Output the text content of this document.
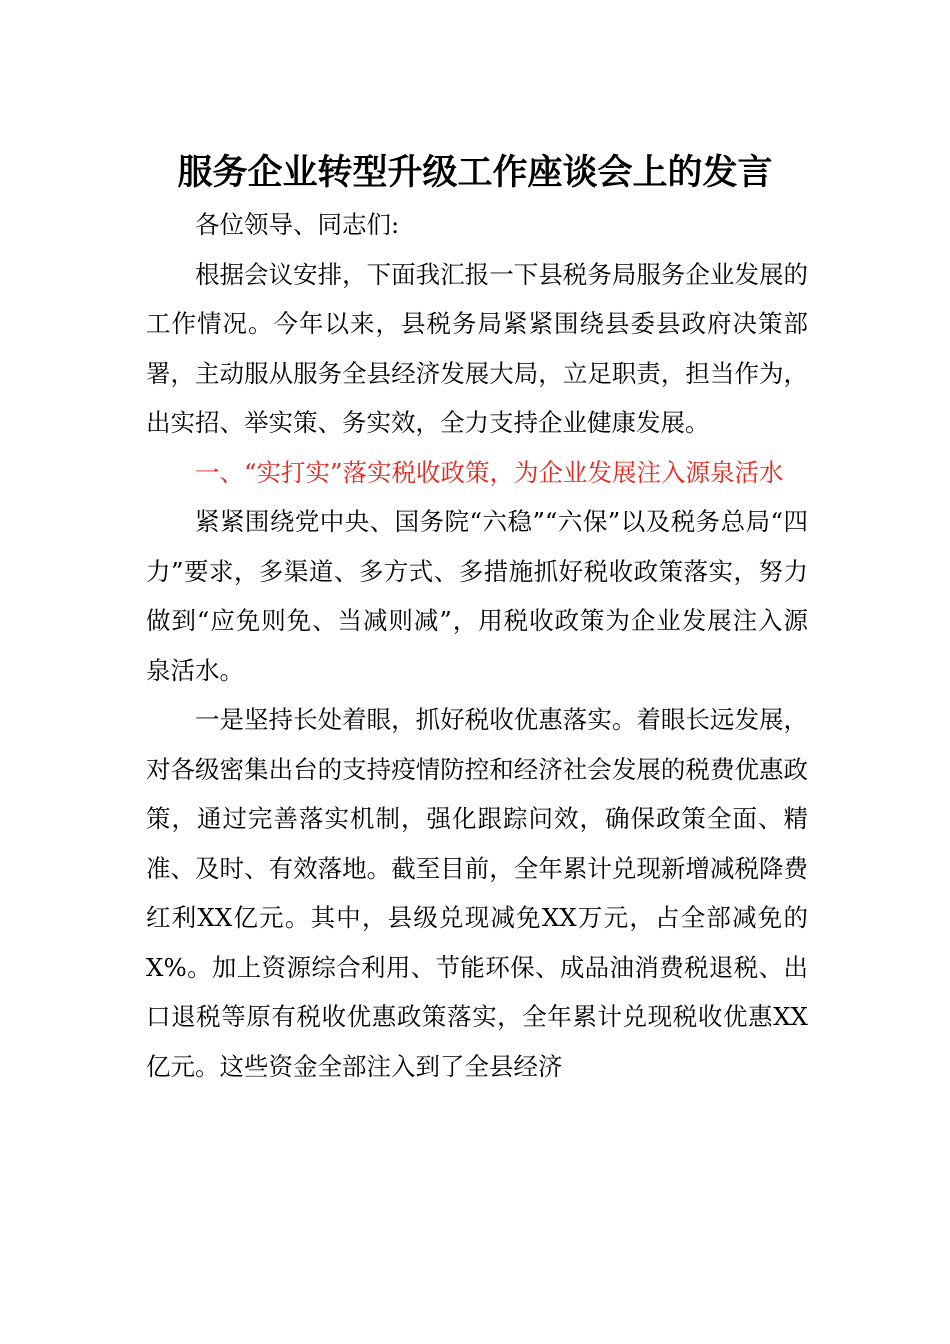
服务企业转型升级工作座谈会上的发言

各位领导、同志们:

根据会议安排，下面我汇报一下县税务局服务企业发展的工作情况。今年以来，县税务局紧紧围绕县委县政府决策部署，主动服从服务全县经济发展大局，立足职责，担当作为，出实招、举实策、务实效，全力支持企业健康发展。

一、“实打实”落实税收政策，为企业发展注入源泉活水

紧紧围绕党中央、国务院“六稳”“六保”以及税务总局“四力”要求，多渠道、多方式、多措施抓好税收政策落实，努力做到“应免则免、当减则减”，用税收政策为企业发展注入源泉活水。

一是坚持长处着眼，抓好税收优惠落实。着眼长远发展，对各级密集出台的支持疫情防控和经济社会发展的税费优惠政策，通过完善落实机制，强化跟踪问效，确保政策全面、精准、及时、有效落地。截至目前，全年累计兑现新增减税降费红利XX亿元。其中，县级兑现减免XX万元，占全部减免的X%。加上资源综合利用、节能环保、成品油消费税退税、出口退税等原有税收优惠政策落实，全年累计兑现税收优惠XX亿元。这些资金全部注入到了全县经济
